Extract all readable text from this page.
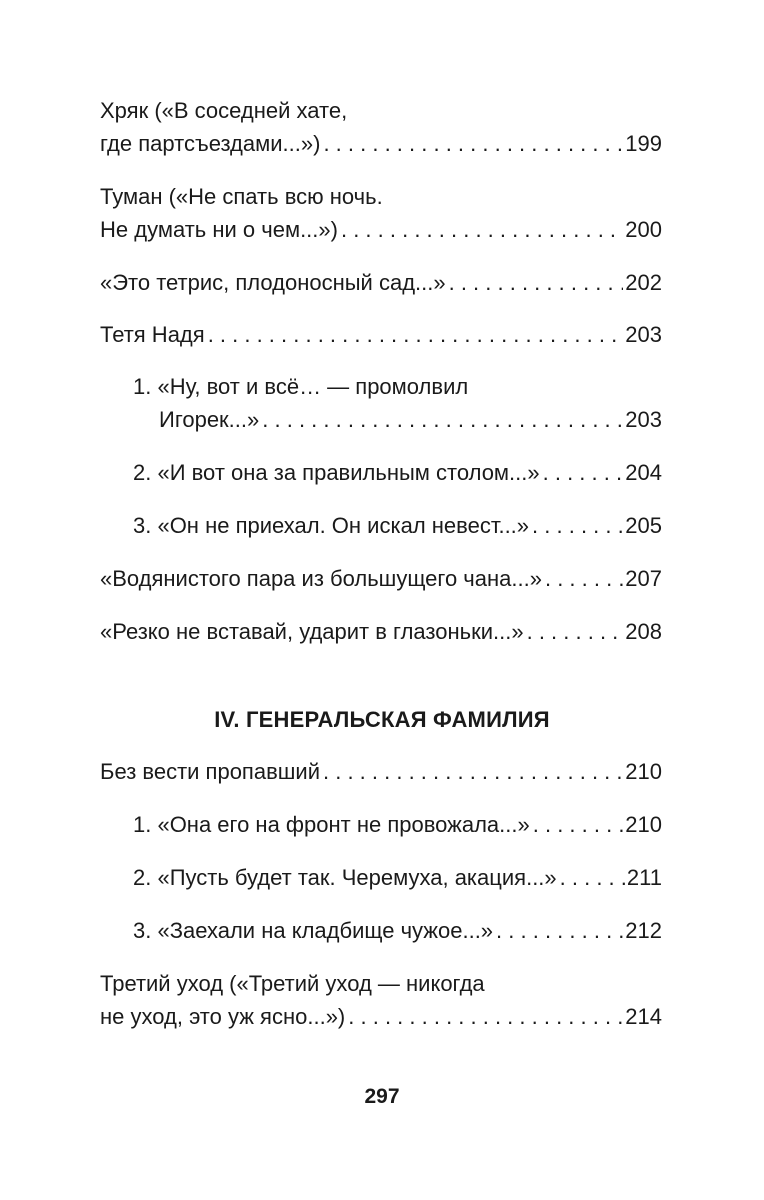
Хряк («В соседней хате,
где партсъездами...») . . .	199
Туман («Не спать всю ночь.
Не думать ни о чем...») . . .	200
«Это тетрис, плодоносный сад...» . . .	202
Тетя Надя . . .	203
1. «Ну, вот и всё… — промолвил
Игорек...» . . .	203
2. «И вот она за правильным столом...» . . .	204
3. «Он не приехал. Он искал невест...» . . .	205
«Водянистого пара из большущего чана...» . . .	207
«Резко не вставай, ударит в глазоньки...» . . .	208
IV. ГЕНЕРАЛЬСКАЯ ФАМИЛИЯ
Без вести пропавший . . .	210
1. «Она его на фронт не провожала...» . . .	210
2. «Пусть будет так. Черемуха, акация...» . . .	211
3. «Заехали на кладбище чужое...» . . .	212
Третий уход («Третий уход — никогда
не уход, это уж ясно...») . . .	214
297
